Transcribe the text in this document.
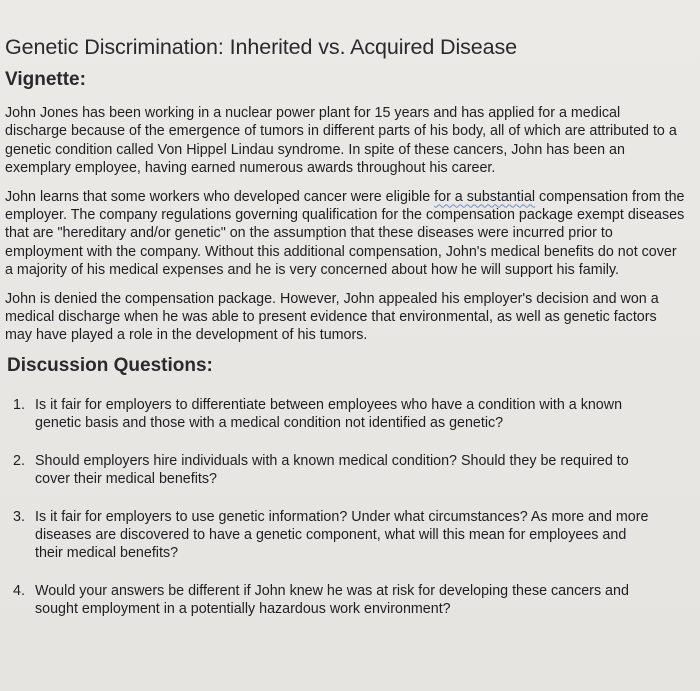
Genetic Discrimination: Inherited vs. Acquired Disease
Vignette:

John Jones has been working in a nuclear power plant for 15 years and has applied for a medical discharge because of the emergence of tumors in different parts of his body, all of which are attributed to a genetic condition called Von Hippel Lindau syndrome. In spite of these cancers, John has been an exemplary employee, having earned numerous awards throughout his career.

John learns that some workers who developed cancer were eligible for a substantial compensation from the employer. The company regulations governing qualification for the compensation package exempt diseases that are "hereditary and/or genetic" on the assumption that these diseases were incurred prior to employment with the company. Without this additional compensation, John's medical benefits do not cover a majority of his medical expenses and he is very concerned about how he will support his family.

John is denied the compensation package. However, John appealed his employer's decision and won a medical discharge when he was able to present evidence that environmental, as well as genetic factors may have played a role in the development of his tumors.

Discussion Questions:
1. Is it fair for employers to differentiate between employees who have a condition with a known genetic basis and those with a medical condition not identified as genetic?
2. Should employers hire individuals with a known medical condition? Should they be required to cover their medical benefits?
3. Is it fair for employers to use genetic information? Under what circumstances? As more and more diseases are discovered to have a genetic component, what will this mean for employees and their medical benefits?
4. Would your answers be different if John knew he was at risk for developing these cancers and sought employment in a potentially hazardous work environment?
